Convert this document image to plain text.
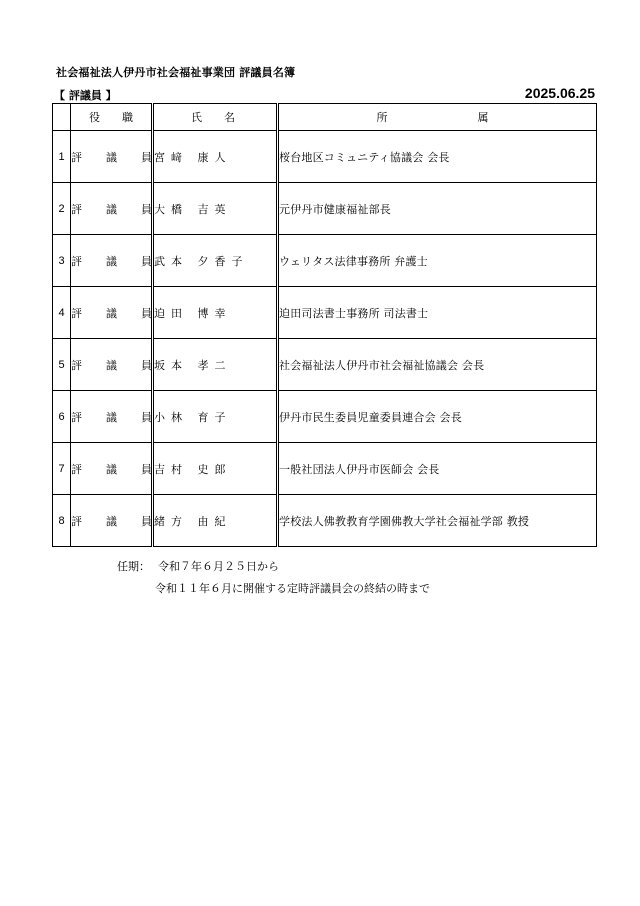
社会福祉法人伊丹市社会福祉事業団 評議員名簿
【 評議員 】	2025.06.25
	役職	氏名	所属
1	評議員	宮﨑 康人	桜台地区コミュニティ協議会 会長
2	評議員	大橋 吉英	元伊丹市健康福祉部長
3	評議員	武本 夕香子	ウェリタス法律事務所 弁護士
4	評議員	迫田 博幸	迫田司法書士事務所 司法書士
5	評議員	坂本 孝二	社会福祉法人伊丹市社会福祉協議会 会長
6	評議員	小林 育子	伊丹市民生委員児童委員連合会 会長
7	評議員	吉村 史郎	一般社団法人伊丹市医師会 会長
8	評議員	緒方 由紀	学校法人佛教教育学園佛教大学社会福祉学部 教授
任期： 令和７年６月２５日から
令和１１年６月に開催する定時評議員会の終結の時まで
